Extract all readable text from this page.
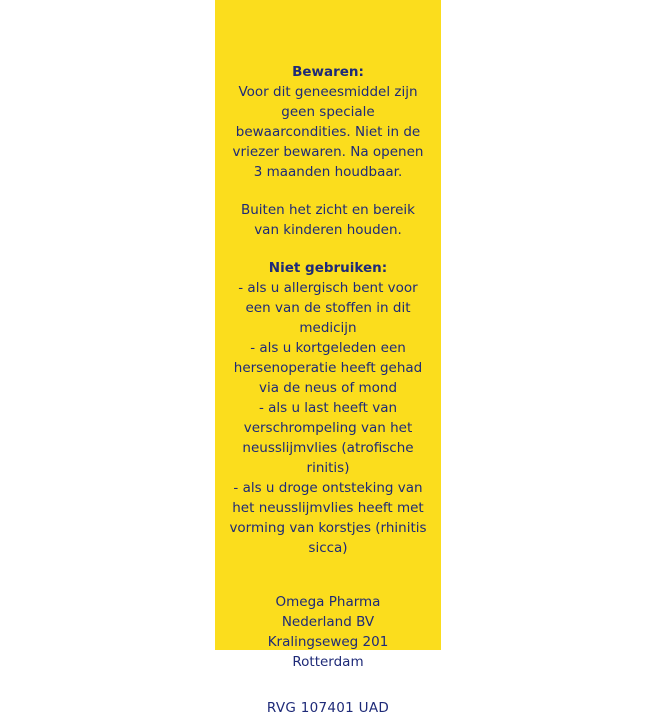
Bewaren:

Voor dit geneesmiddel zijn geen speciale bewaarcondities. Niet in de vriezer bewaren. Na openen 3 maanden houdbaar.

Buiten het zicht en bereik van kinderen houden.

Niet gebruiken:

- als u allergisch bent voor een van de stoffen in dit medicijn

- als u kortgeleden een hersenoperatie heeft gehad via de neus of mond

- als u last heeft van verschrompeling van het neusslijmvlies (atrofische rinitis)

- als u droge ontsteking van het neusslijmvlies heeft met vorming van korstjes (rhinitis sicca)

Omega Pharma

Nederland BV

Kralingseweg 201

Rotterdam

RVG 107401 UAD
